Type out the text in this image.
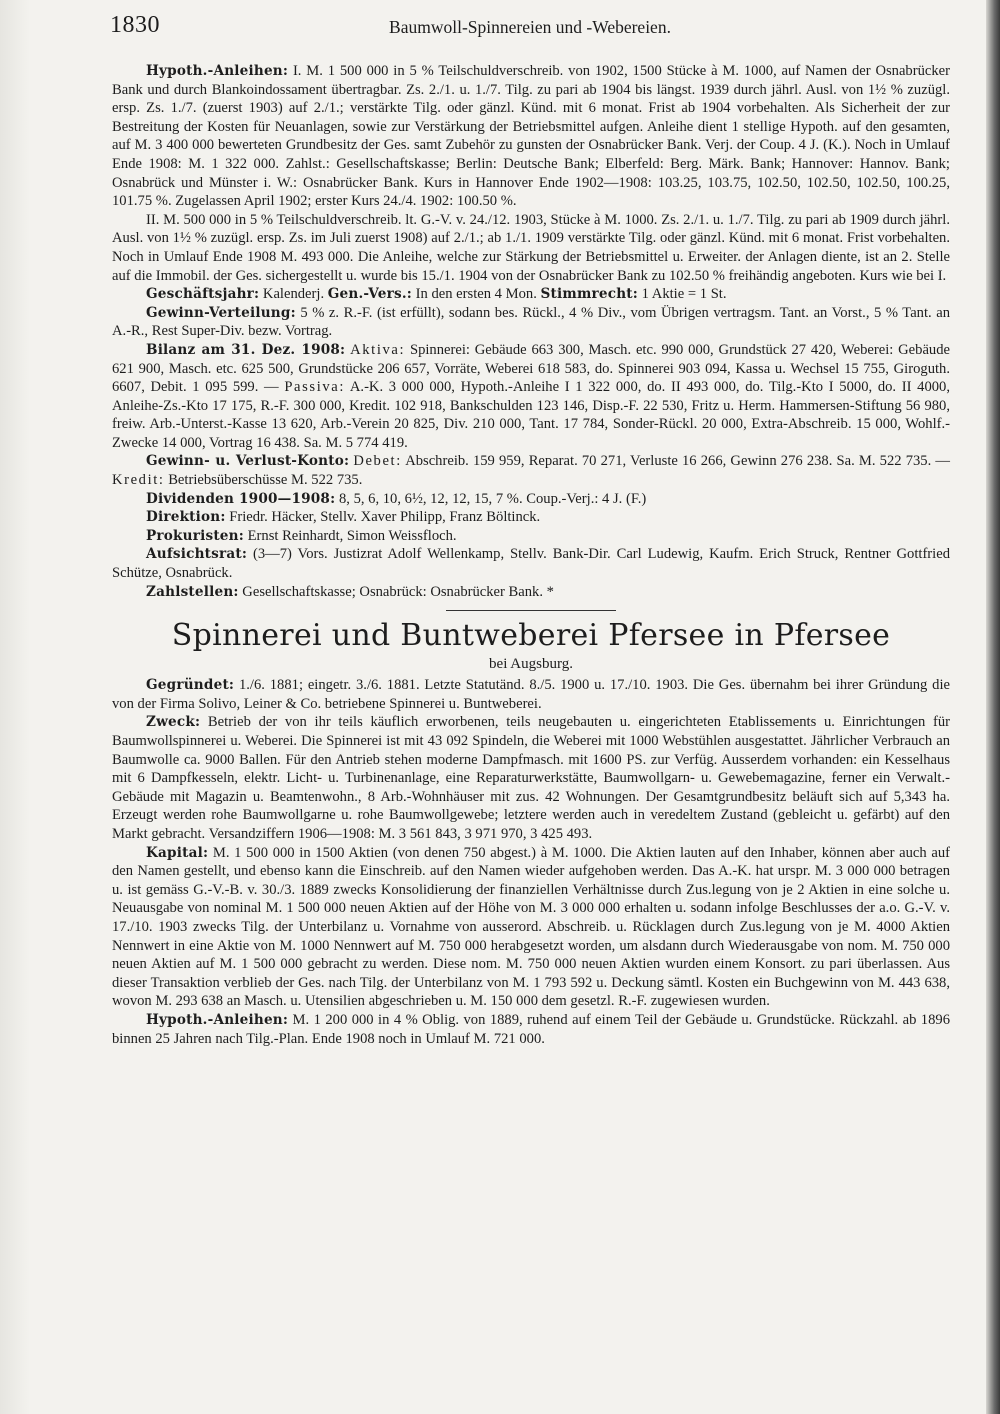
1830	Baumwoll-Spinnereien und -Webereien.

Hypoth.-Anleihen: I. M. 1 500 000 in 5 % Teilschuldverschreib. von 1902, 1500 Stücke à M. 1000, auf Namen der Osnabrücker Bank und durch Blankoindossament übertragbar. Zs. 2./1. u. 1./7. Tilg. zu pari ab 1904 bis längst. 1939 durch jährl. Ausl. von 1½ % zuzügl. ersp. Zs. 1./7. (zuerst 1903) auf 2./1.; verstärkte Tilg. oder gänzl. Künd. mit 6 monat. Frist ab 1904 vorbehalten. Als Sicherheit der zur Bestreitung der Kosten für Neuanlagen, sowie zur Verstärkung der Betriebsmittel aufgen. Anleihe dient 1 stellige Hypoth. auf den gesamten, auf M. 3 400 000 bewerteten Grundbesitz der Ges. samt Zubehör zu gunsten der Osnabrücker Bank. Verj. der Coup. 4 J. (K.). Noch in Umlauf Ende 1908: M. 1 322 000. Zahlst.: Gesellschaftskasse; Berlin: Deutsche Bank; Elberfeld: Berg. Märk. Bank; Hannover: Hannov. Bank; Osnabrück und Münster i. W.: Osnabrücker Bank. Kurs in Hannover Ende 1902—1908: 103.25, 103.75, 102.50, 102.50, 102.50, 100.25, 101.75 %. Zugelassen April 1902; erster Kurs 24./4. 1902: 100.50 %.

II. M. 500 000 in 5 % Teilschuldverschreib. lt. G.-V. v. 24./12. 1903, Stücke à M. 1000. Zs. 2./1. u. 1./7. Tilg. zu pari ab 1909 durch jährl. Ausl. von 1½ % zuzügl. ersp. Zs. im Juli zuerst 1908) auf 2./1.; ab 1./1. 1909 verstärkte Tilg. oder gänzl. Künd. mit 6 monat. Frist vorbehalten. Noch in Umlauf Ende 1908 M. 493 000. Die Anleihe, welche zur Stärkung der Betriebsmittel u. Erweiter. der Anlagen diente, ist an 2. Stelle auf die Immobil. der Ges. sichergestellt u. wurde bis 15./1. 1904 von der Osnabrücker Bank zu 102.50 % freihändig angeboten. Kurs wie bei I.

Geschäftsjahr: Kalenderj. Gen.-Vers.: In den ersten 4 Mon. Stimmrecht: 1 Aktie = 1 St.

Gewinn-Verteilung: 5 % z. R.-F. (ist erfüllt), sodann bes. Rückl., 4 % Div., vom Übrigen vertragsm. Tant. an Vorst., 5 % Tant. an A.-R., Rest Super-Div. bezw. Vortrag.

Bilanz am 31. Dez. 1908: Aktiva: Spinnerei: Gebäude 663 300, Masch. etc. 990 000, Grundstück 27 420, Weberei: Gebäude 621 900, Masch. etc. 625 500, Grundstücke 206 657, Vorräte, Weberei 618 583, do. Spinnerei 903 094, Kassa u. Wechsel 15 755, Giroguth. 6607, Debit. 1 095 599. — Passiva: A.-K. 3 000 000, Hypoth.-Anleihe I 1 322 000, do. II 493 000, do. Tilg.-Kto I 5000, do. II 4000, Anleihe-Zs.-Kto 17 175, R.-F. 300 000, Kredit. 102 918, Bankschulden 123 146, Disp.-F. 22 530, Fritz u. Herm. Hammersen-Stiftung 56 980, freiw. Arb.-Unterst.-Kasse 13 620, Arb.-Verein 20 825, Div. 210 000, Tant. 17 784, Sonder-Rückl. 20 000, Extra-Abschreib. 15 000, Wohlf.-Zwecke 14 000, Vortrag 16 438. Sa. M. 5 774 419.

Gewinn- u. Verlust-Konto: Debet: Abschreib. 159 959, Reparat. 70 271, Verluste 16 266, Gewinn 276 238. Sa. M. 522 735. — Kredit: Betriebsüberschüsse M. 522 735.

Dividenden 1900—1908: 8, 5, 6, 10, 6½, 12, 12, 15, 7 %. Coup.-Verj.: 4 J. (F.)

Direktion: Friedr. Häcker, Stellv. Xaver Philipp, Franz Böltinck.

Prokuristen: Ernst Reinhardt, Simon Weissfloch.

Aufsichtsrat: (3—7) Vors. Justizrat Adolf Wellenkamp, Stellv. Bank-Dir. Carl Ludewig, Kaufm. Erich Struck, Rentner Gottfried Schütze, Osnabrück.

Zahlstellen: Gesellschaftskasse; Osnabrück: Osnabrücker Bank. *

Spinnerei und Buntweberei Pfersee in Pfersee
bei Augsburg.

Gegründet: 1./6. 1881; eingetr. 3./6. 1881. Letzte Statutänd. 8./5. 1900 u. 17./10. 1903. Die Ges. übernahm bei ihrer Gründung die von der Firma Solivo, Leiner & Co. betriebene Spinnerei u. Buntweberei.

Zweck: Betrieb der von ihr teils käuflich erworbenen, teils neugebauten u. eingerichteten Etablissements u. Einrichtungen für Baumwollspinnerei u. Weberei. Die Spinnerei ist mit 43 092 Spindeln, die Weberei mit 1000 Webstühlen ausgestattet. Jährlicher Verbrauch an Baumwolle ca. 9000 Ballen. Für den Antrieb stehen moderne Dampfmasch. mit 1600 PS. zur Verfüg. Ausserdem vorhanden: ein Kesselhaus mit 6 Dampfkesseln, elektr. Licht- u. Turbinenanlage, eine Reparaturwerkstätte, Baumwollgarn- u. Gewebemagazine, ferner ein Verwalt.-Gebäude mit Magazin u. Beamtenwohn., 8 Arb.-Wohnhäuser mit zus. 42 Wohnungen. Der Gesamtgrundbesitz beläuft sich auf 5,343 ha. Erzeugt werden rohe Baumwollgarne u. rohe Baumwollgewebe; letztere werden auch in veredeltem Zustand (gebleicht u. gefärbt) auf den Markt gebracht. Versandziffern 1906—1908: M. 3 561 843, 3 971 970, 3 425 493.

Kapital: M. 1 500 000 in 1500 Aktien (von denen 750 abgest.) à M. 1000. Die Aktien lauten auf den Inhaber, können aber auch auf den Namen gestellt, und ebenso kann die Einschreib. auf den Namen wieder aufgehoben werden. Das A.-K. hat urspr. M. 3 000 000 betragen u. ist gemäss G.-V.-B. v. 30./3. 1889 zwecks Konsolidierung der finanziellen Verhältnisse durch Zus.legung von je 2 Aktien in eine solche u. Neuausgabe von nominal M. 1 500 000 neuen Aktien auf der Höhe von M. 3 000 000 erhalten u. sodann infolge Beschlusses der a.o. G.-V. v. 17./10. 1903 zwecks Tilg. der Unterbilanz u. Vornahme von ausserord. Abschreib. u. Rücklagen durch Zus.legung von je M. 4000 Aktien Nennwert in eine Aktie von M. 1000 Nennwert auf M. 750 000 herabgesetzt worden, um alsdann durch Wiederausgabe von nom. M. 750 000 neuen Aktien auf M. 1 500 000 gebracht zu werden. Diese nom. M. 750 000 neuen Aktien wurden einem Konsort. zu pari überlassen. Aus dieser Transaktion verblieb der Ges. nach Tilg. der Unterbilanz von M. 1 793 592 u. Deckung sämtl. Kosten ein Buchgewinn von M. 443 638, wovon M. 293 638 an Masch. u. Utensilien abgeschrieben u. M. 150 000 dem gesetzl. R.-F. zugewiesen wurden.

Hypoth.-Anleihen: M. 1 200 000 in 4 % Oblig. von 1889, ruhend auf einem Teil der Gebäude u. Grundstücke. Rückzahl. ab 1896 binnen 25 Jahren nach Tilg.-Plan. Ende 1908 noch in Umlauf M. 721 000.
